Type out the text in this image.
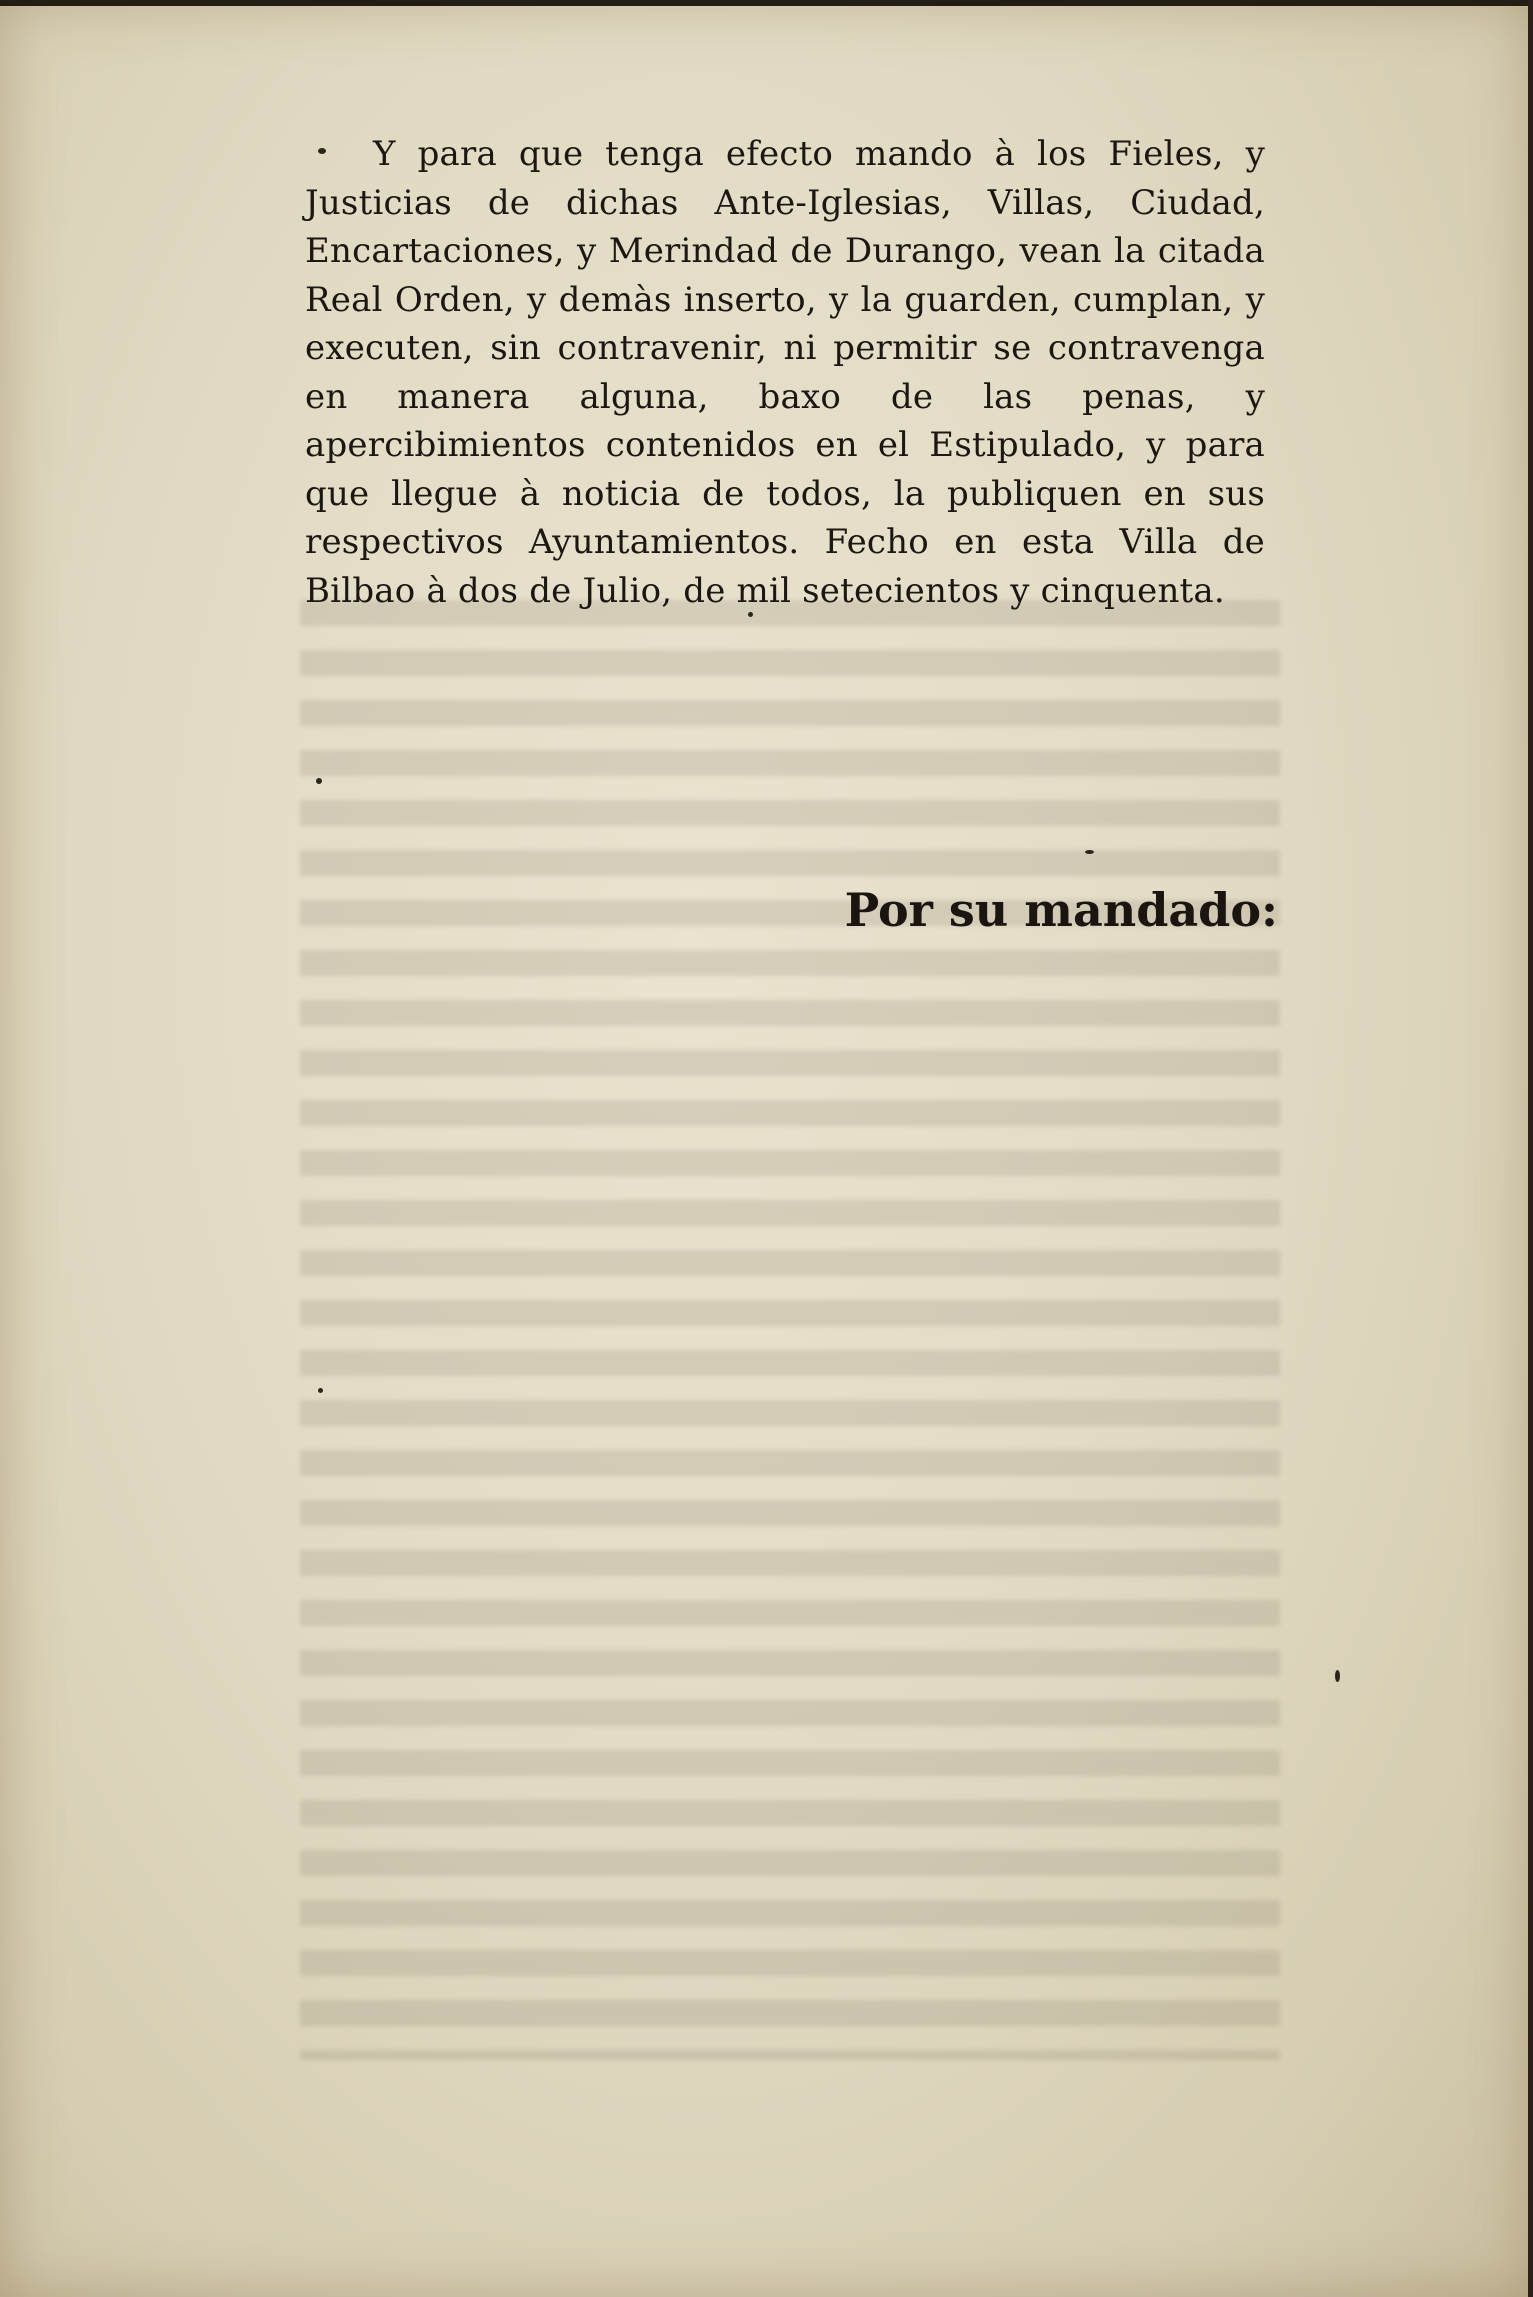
Y para que tenga efecto mando à los Fieles, y Justicias de dichas Ante-Iglesias, Villas, Ciudad, Encartaciones, y Merindad de Durango, vean la citada Real Orden, y demàs inserto, y la guarden, cumplan, y executen, sin contravenir, ni permitir se contravenga en manera alguna, baxo de las penas, y apercibimientos contenidos en el Estipulado, y para que llegue à noticia de todos, la publiquen en sus respectivos Ayuntamientos. Fecho en esta Villa de Bilbao à dos de Julio, de mil setecientos y cinquenta.

Por su mandado:
